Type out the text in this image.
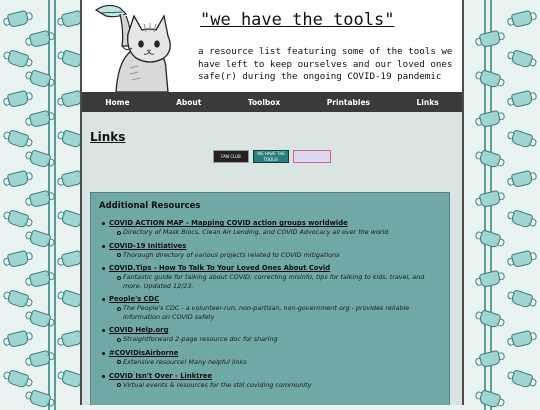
"we have the tools"

a resource list featuring some of the tools we have left to keep ourselves and our loved ones safe(r) during the ongoing COVID-19 pandemic

Home	About	Toolbox	Printables	Links
Links
FAN CLUB
WE HAVE THE TOOLS!
Additional Resources
COVID ACTION MAP - Mapping COVID action groups worldwide

Directory of Mask Blocs, Clean Air Lending, and COVID Advocacy all over the world

COVID-19 Initiatives

Thorough directory of various projects related to COVID mitigations

COVID.Tips - How To Talk To Your Loved Ones About Covid

Fantastic guide for talking about COVID; correcting misinfo, tips for talking to kids, travel, and more. Updated 12/23.

People's CDC

The People's CDC - a volunteer-run, non-partisan, non-government org - provides reliable information on COVID safety

COVID Help.org

Straightforward 2-page resource doc for sharing

#COVIDisAirborne

Extensive resource! Many helpful links

COVID Isn't Over - Linktree

Virtual events & resources for the still coviding community
